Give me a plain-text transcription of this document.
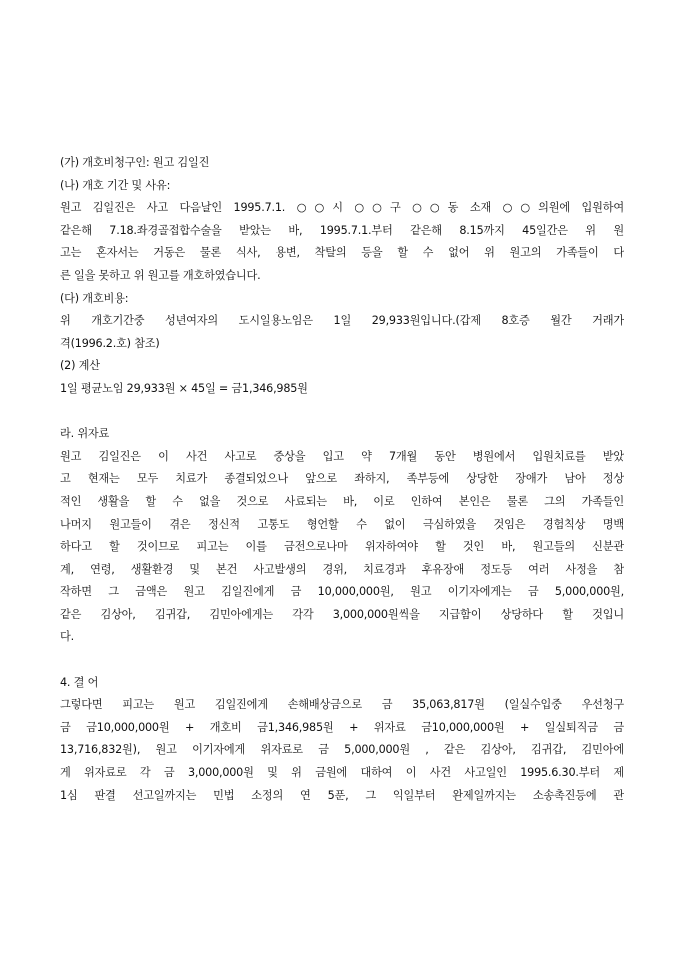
(가) 개호비청구인: 원고 김일진
(나) 개호 기간 및 사유:
원고 김일진은 사고 다음날인 1995.7.1. ○○시 ○○구 ○○동 소재 ○○의원에 입원하여
같은해 7.18.좌경골접합수술을 받았는 바, 1995.7.1.부터 같은해 8.15까지 45일간은 위 원
고는 혼자서는 거동은 물론 식사, 용변, 착탈의 등을 할 수 없어 위 원고의 가족들이 다
른 일을 못하고 위 원고를 개호하였습니다.
(다) 개호비용:
위 개호기간중 성년여자의 도시일용노임은 1일 29,933원입니다.(갑제 8호증 월간 거래가
격(1996.2.호) 참조)
(2) 계산
1일 평균노임 29,933원 × 45일 = 금1,346,985원
라. 위자료
원고 김일진은 이 사건 사고로 중상을 입고 약 7개월 동안 병원에서 입원치료를 받았
고 현재는 모두 치료가 종결되었으나 앞으로 좌하지, 족부등에 상당한 장애가 남아 정상
적인 생활을 할 수 없을 것으로 사료되는 바, 이로 인하여 본인은 물론 그의 가족들인
나머지 원고들이 겪은 정신적 고통도 형언할 수 없이 극심하였을 것임은 경험칙상 명백
하다고 할 것이므로 피고는 이를 금전으로나마 위자하여야 할 것인 바, 원고들의 신분관
계, 연령, 생활환경 및 본건 사고발생의 경위, 치료경과 후유장애 정도등 여러 사정을 참
작하면 그 금액은 원고 김일진에게 금 10,000,000원, 원고 이기자에게는 금 5,000,000원,
같은 김상아, 김귀갑, 김민아에게는 각각 3,000,000원씩을 지급함이 상당하다 할 것입니
다.
4. 결 어
그렇다면 피고는 원고 김일진에게 손해배상금으로 금 35,063,817원 (일실수입중 우선청구
금 금10,000,000원 + 개호비 금1,346,985원 + 위자료 금10,000,000원 + 일실퇴직금 금
13,716,832원), 원고 이기자에게 위자료로 금 5,000,000원 , 같은 김상아, 김귀갑, 김민아에
게 위자료로 각 금 3,000,000원 및 위 금원에 대하여 이 사건 사고일인 1995.6.30.부터 제
1심 판결 선고일까지는 민법 소정의 연 5푼, 그 익일부터 완제일까지는 소송촉진등에 관
